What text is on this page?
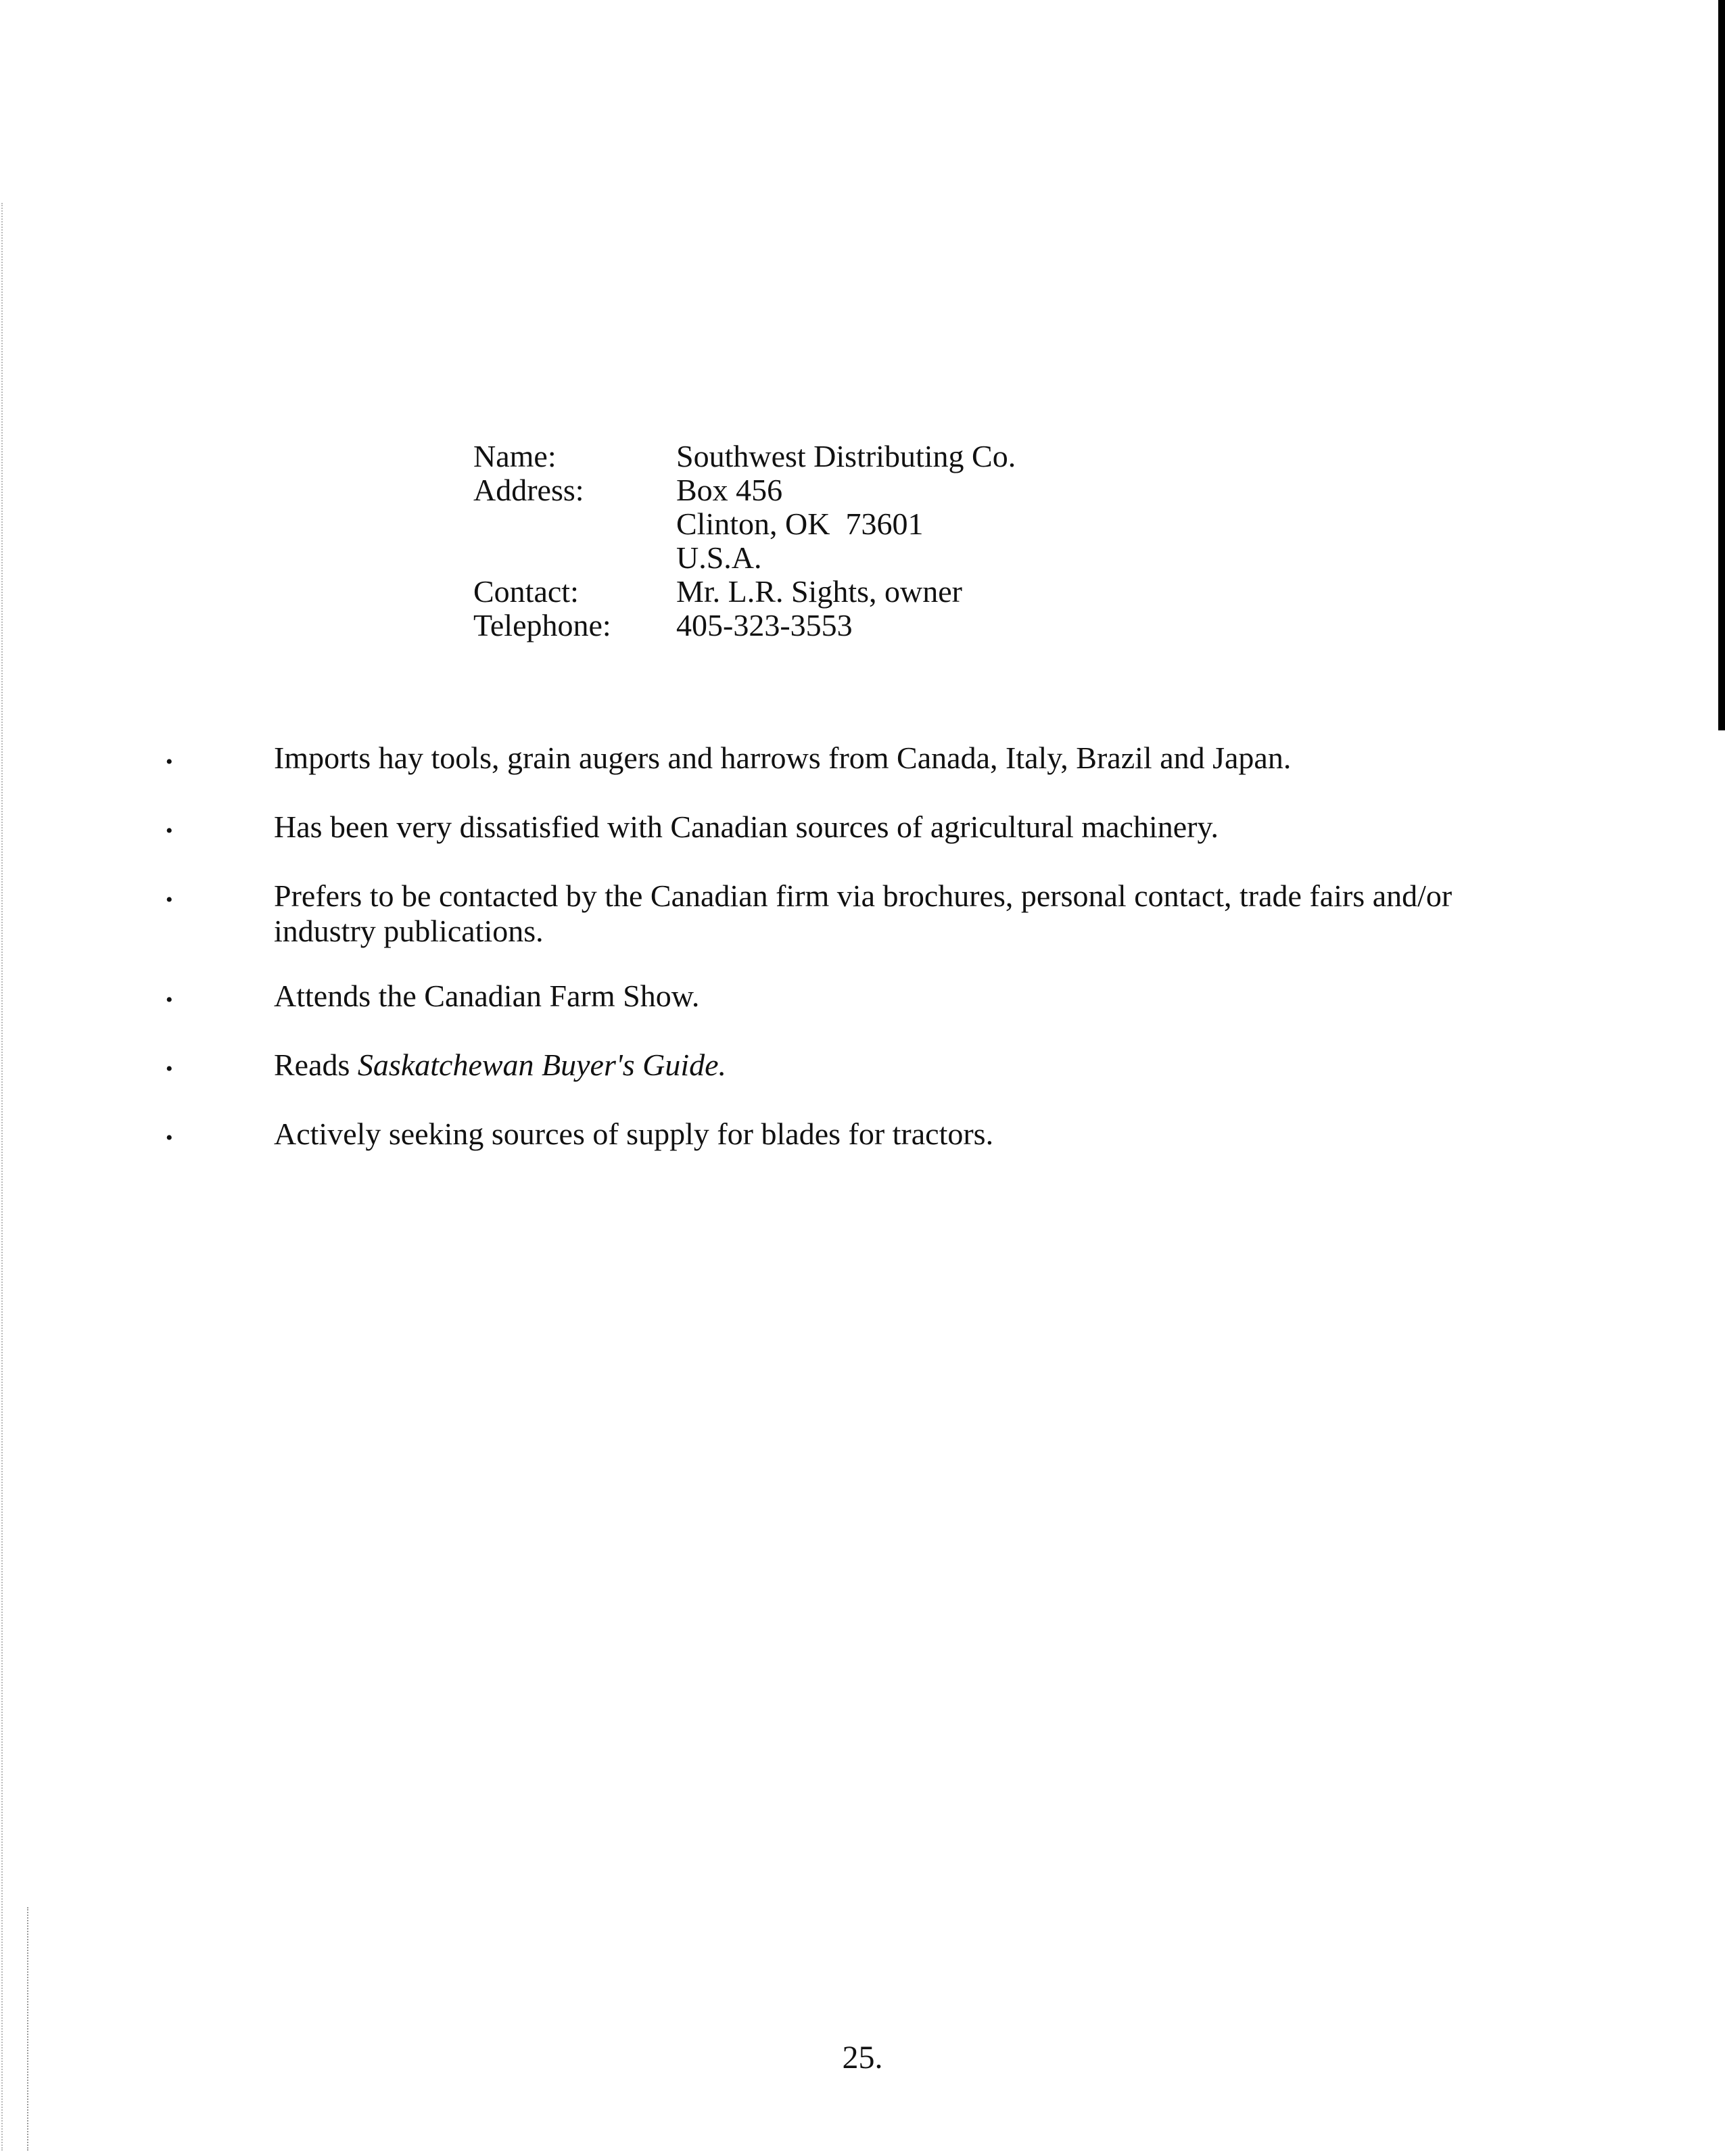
Name:	Southwest Distributing Co.
Address:	Box 456
Clinton, OK  73601
U.S.A.
Contact:	Mr. L.R. Sights, owner
Telephone:	405-323-3553
•	Imports hay tools, grain augers and harrows from Canada, Italy, Brazil and Japan.
•	Has been very dissatisfied with Canadian sources of agricultural machinery.
•	Prefers to be contacted by the Canadian firm via brochures, personal contact, trade fairs and/or industry publications.
•	Attends the Canadian Farm Show.
•	Reads Saskatchewan Buyer's Guide.
•	Actively seeking sources of supply for blades for tractors.
25.
